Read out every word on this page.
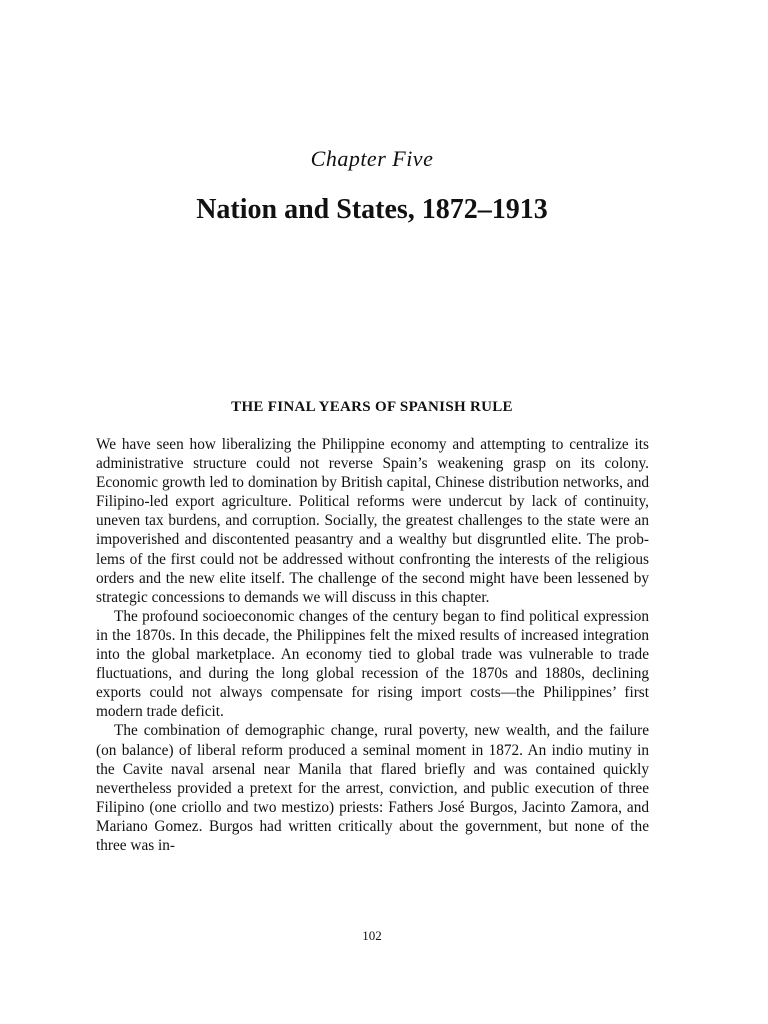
Chapter Five
Nation and States, 1872–1913
THE FINAL YEARS OF SPANISH RULE

We have seen how liberalizing the Philippine economy and attempting to centralize its administrative structure could not reverse Spain’s weakening grasp on its colony. Economic growth led to domination by British capital, Chinese distribution networks, and Filipino-led export agriculture. Political reforms were undercut by lack of continuity, uneven tax burdens, and corruption. Socially, the greatest challenges to the state were an impoverished and discontented peasantry and a wealthy but disgruntled elite. The problems of the first could not be addressed without confronting the interests of the religious orders and the new elite itself. The challenge of the second might have been lessened by strategic concessions to demands we will discuss in this chapter.

The profound socioeconomic changes of the century began to find political expression in the 1870s. In this decade, the Philippines felt the mixed results of increased integration into the global marketplace. An economy tied to global trade was vulnerable to trade fluctuations, and during the long global recession of the 1870s and 1880s, declining exports could not always compensate for rising import costs—the Philippines’ first modern trade deficit.

The combination of demographic change, rural poverty, new wealth, and the failure (on balance) of liberal reform produced a seminal moment in 1872. An indio mutiny in the Cavite naval arsenal near Manila that flared briefly and was contained quickly nevertheless provided a pretext for the arrest, conviction, and public execution of three Filipino (one criollo and two mestizo) priests: Fathers José Burgos, Jacinto Zamora, and Mariano Gomez. Burgos had written critically about the government, but none of the three was in-

102
